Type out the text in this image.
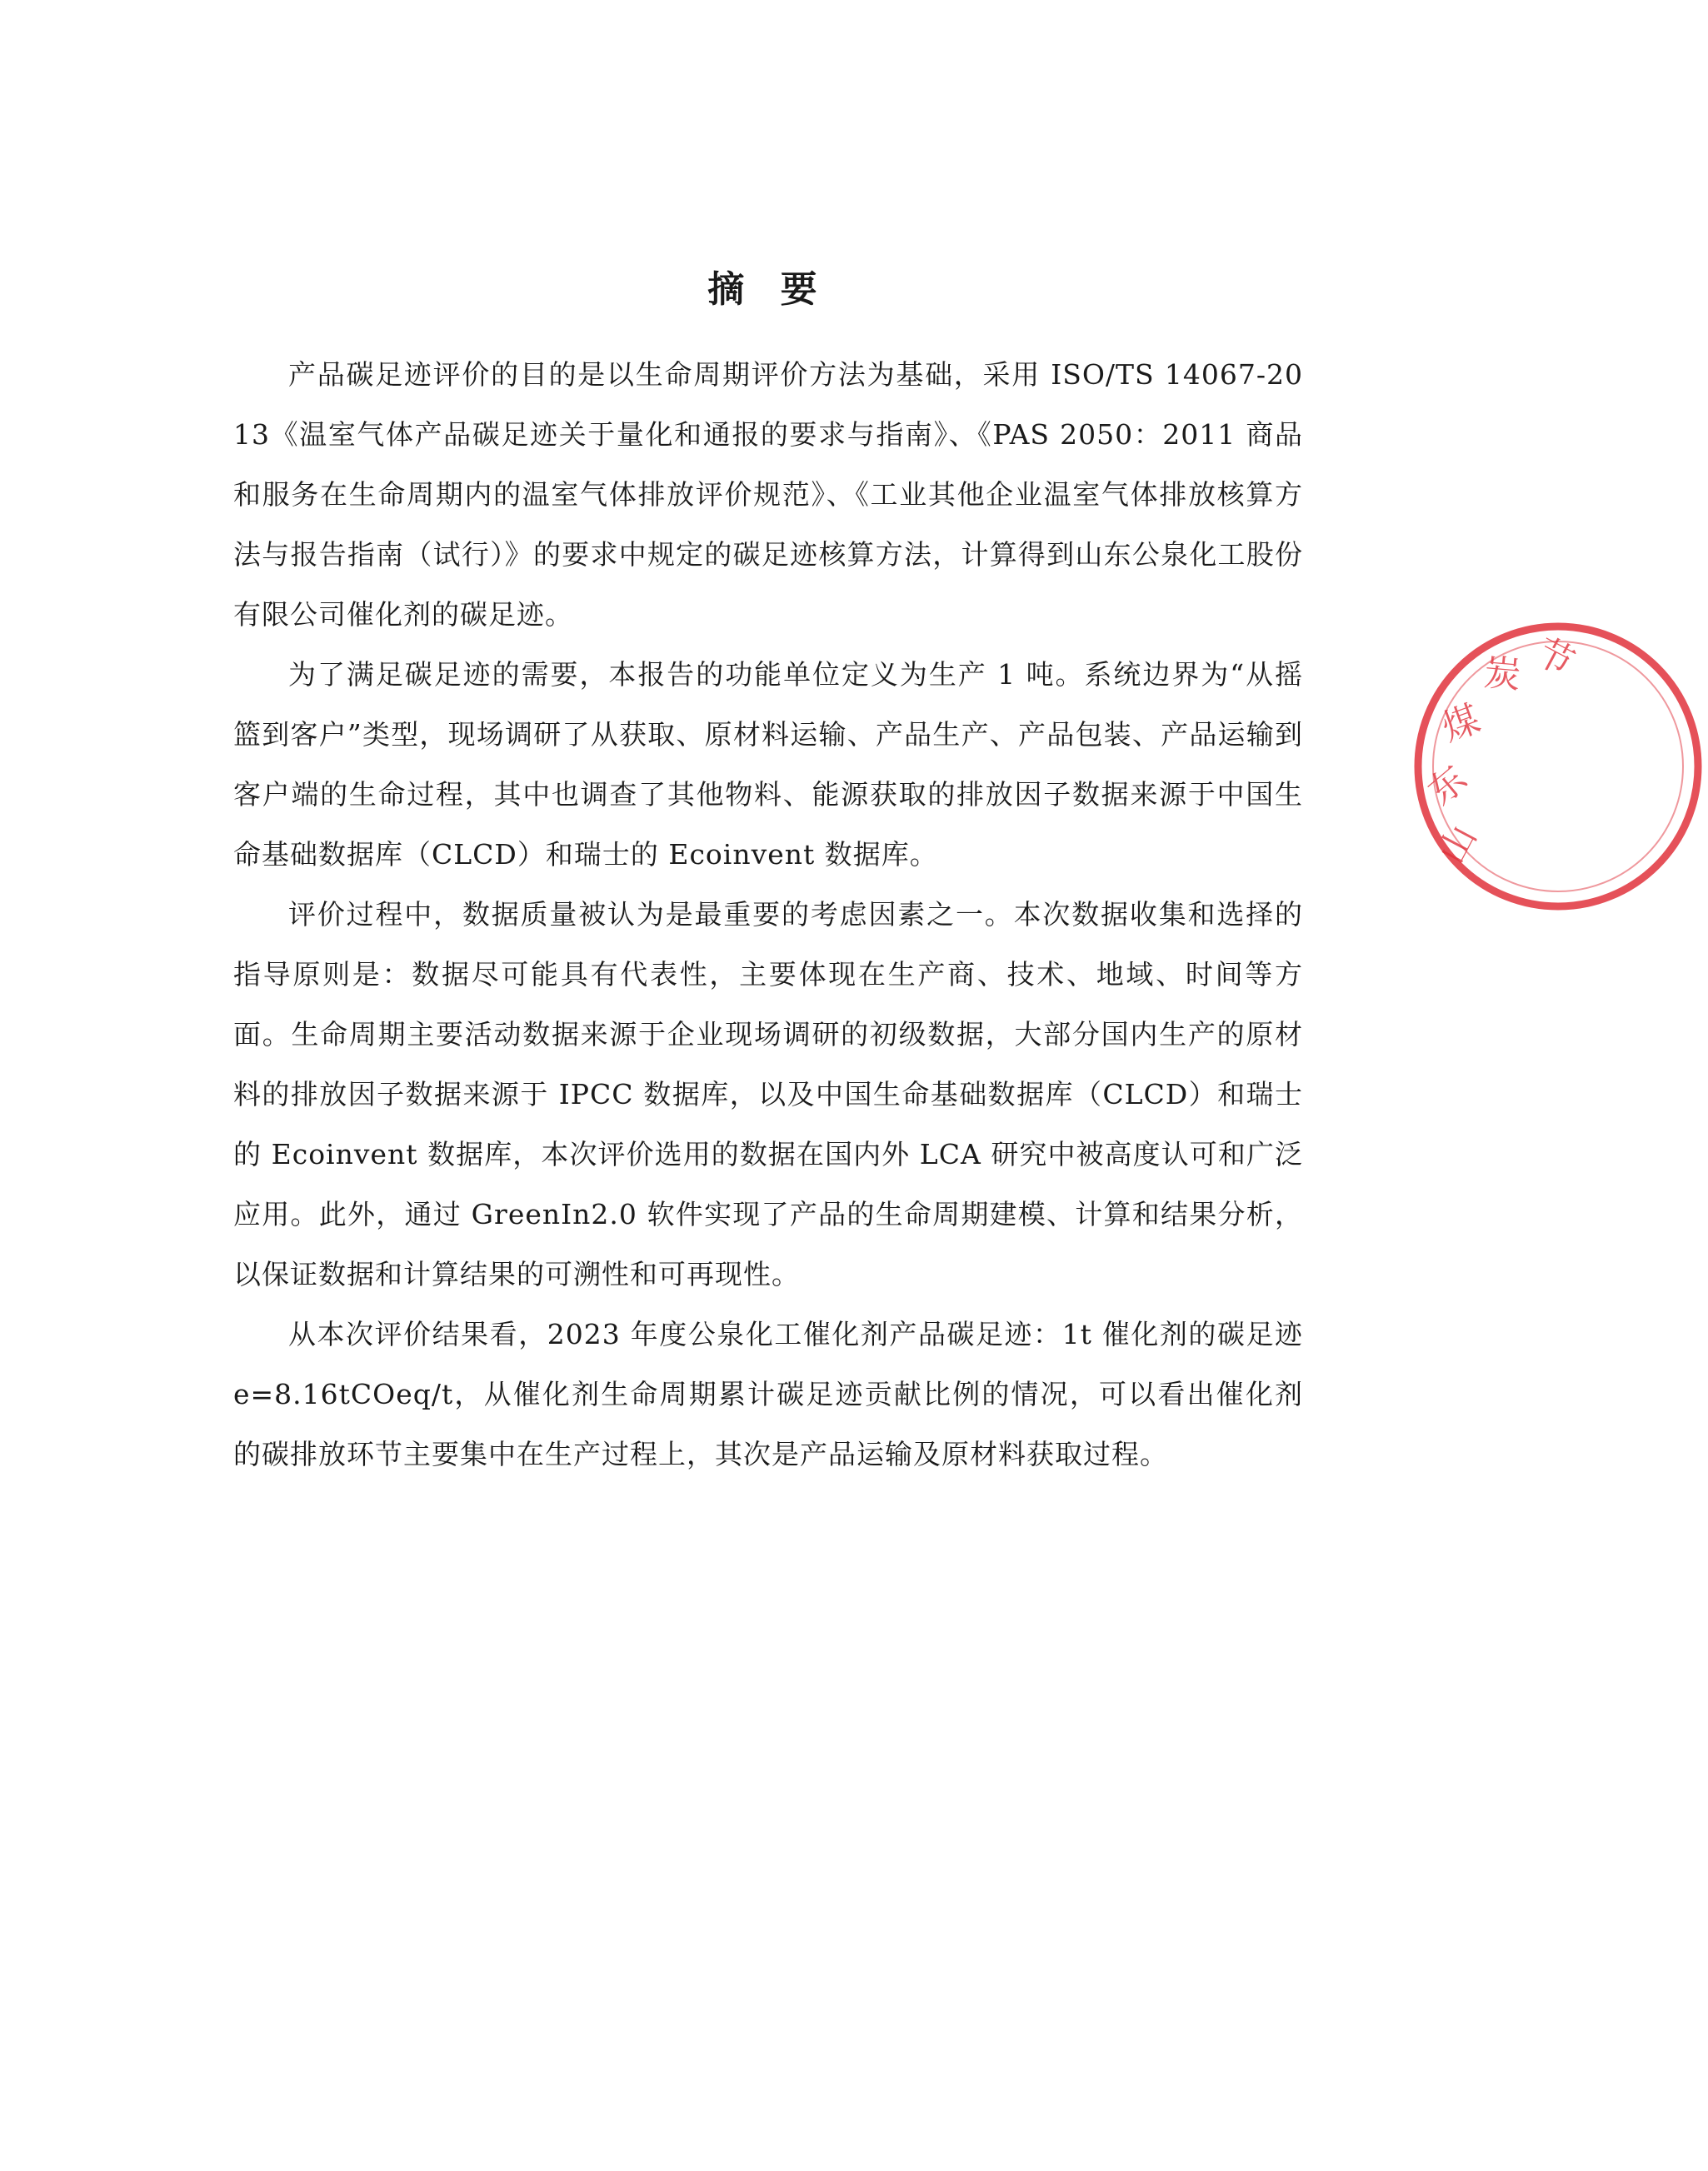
摘 要

产品碳足迹评价的目的是以生命周期评价方法为基础，采用 ISO/TS 14067-2013《温室气体产品碳足迹关于量化和通报的要求与指南》、《PAS 2050：2011 商品和服务在生命周期内的温室气体排放评价规范》、《工业其他企业温室气体排放核算方法与报告指南（试行）》的要求中规定的碳足迹核算方法，计算得到山东公泉化工股份有限公司催化剂的碳足迹。

为了满足碳足迹的需要，本报告的功能单位定义为生产 1 吨。系统边界为“从摇篮到客户”类型，现场调研了从获取、原材料运输、产品生产、产品包装、产品运输到客户端的生命过程，其中也调查了其他物料、能源获取的排放因子数据来源于中国生命基础数据库（CLCD）和瑞士的 Ecoinvent 数据库。

评价过程中，数据质量被认为是最重要的考虑因素之一。本次数据收集和选择的指导原则是：数据尽可能具有代表性，主要体现在生产商、技术、地域、时间等方面。生命周期主要活动数据来源于企业现场调研的初级数据，大部分国内生产的原材料的排放因子数据来源于 IPCC 数据库，以及中国生命基础数据库（CLCD）和瑞士的 Ecoinvent 数据库，本次评价选用的数据在国内外 LCA 研究中被高度认可和广泛应用。此外，通过 GreenIn2.0 软件实现了产品的生命周期建模、计算和结果分析，以保证数据和计算结果的可溯性和可再现性。

从本次评价结果看，2023 年度公泉化工催化剂产品碳足迹：1t 催化剂的碳足迹 e=8.16tCOeq/t，从催化剂生命周期累计碳足迹贡献比例的情况，可以看出催化剂的碳排放环节主要集中在生产过程上，其次是产品运输及原材料获取过程。

山
东
煤
炭 节
